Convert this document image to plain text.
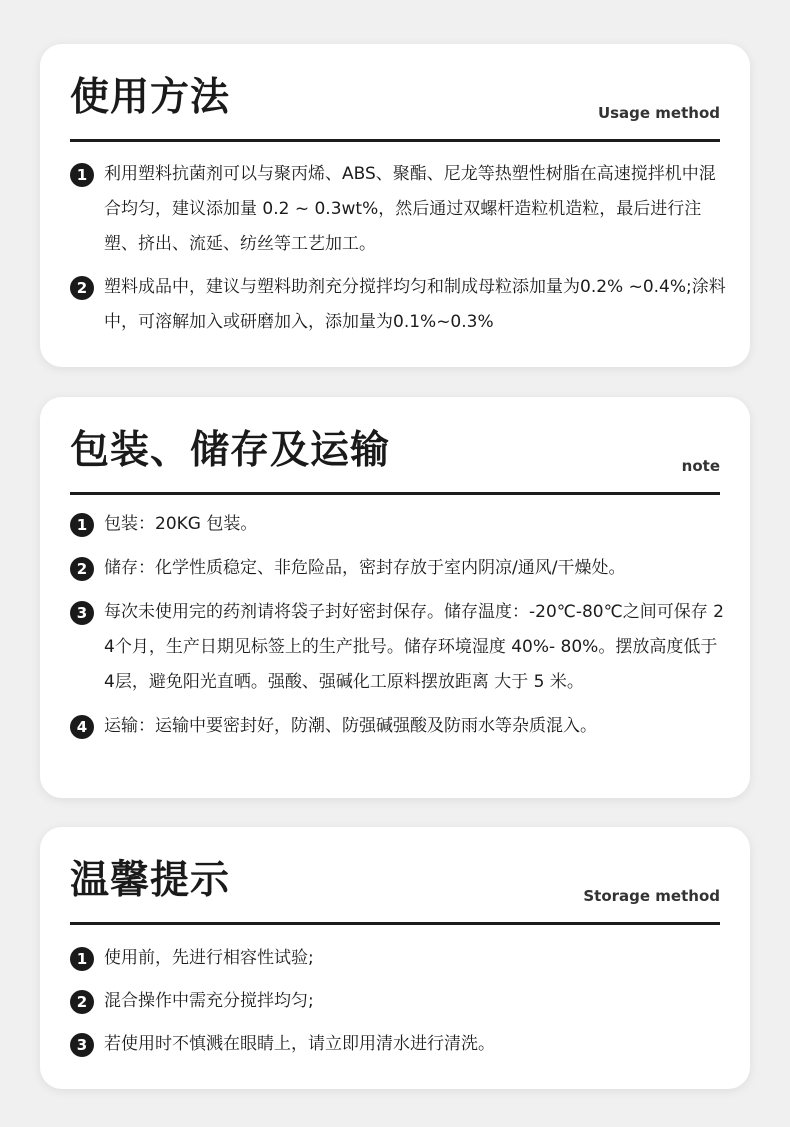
使用方法	Usage method
1 利用塑料抗菌剂可以与聚丙烯、ABS、聚酯、尼龙等热塑性树脂在高速搅拌机中混合均匀，建议添加量 0.2 ~ 0.3wt%，然后通过双螺杆造粒机造粒，最后进行注塑、挤出、流延、纺丝等工艺加工。
2 塑料成品中，建议与塑料助剂充分搅拌均匀和制成母粒添加量为0.2% ~0.4%;涂料中，可溶解加入或研磨加入，添加量为0.1%~0.3%
包装、储存及运输	note
1 包装：20KG 包装。
2 储存：化学性质稳定、非危险品，密封存放于室内阴凉/通风/干燥处。
3 每次未使用完的药剂请将袋子封好密封保存。储存温度：-20℃-80℃之间可保存 24个月，生产日期见标签上的生产批号。储存环境湿度 40%- 80%。摆放高度低于4层，避免阳光直晒。强酸、强碱化工原料摆放距离 大于 5 米。
4 运输：运输中要密封好，防潮、防强碱强酸及防雨水等杂质混入。
温馨提示	Storage method
1 使用前，先进行相容性试验;
2 混合操作中需充分搅拌均匀;
3 若使用时不慎溅在眼睛上，请立即用清水进行清洗。
